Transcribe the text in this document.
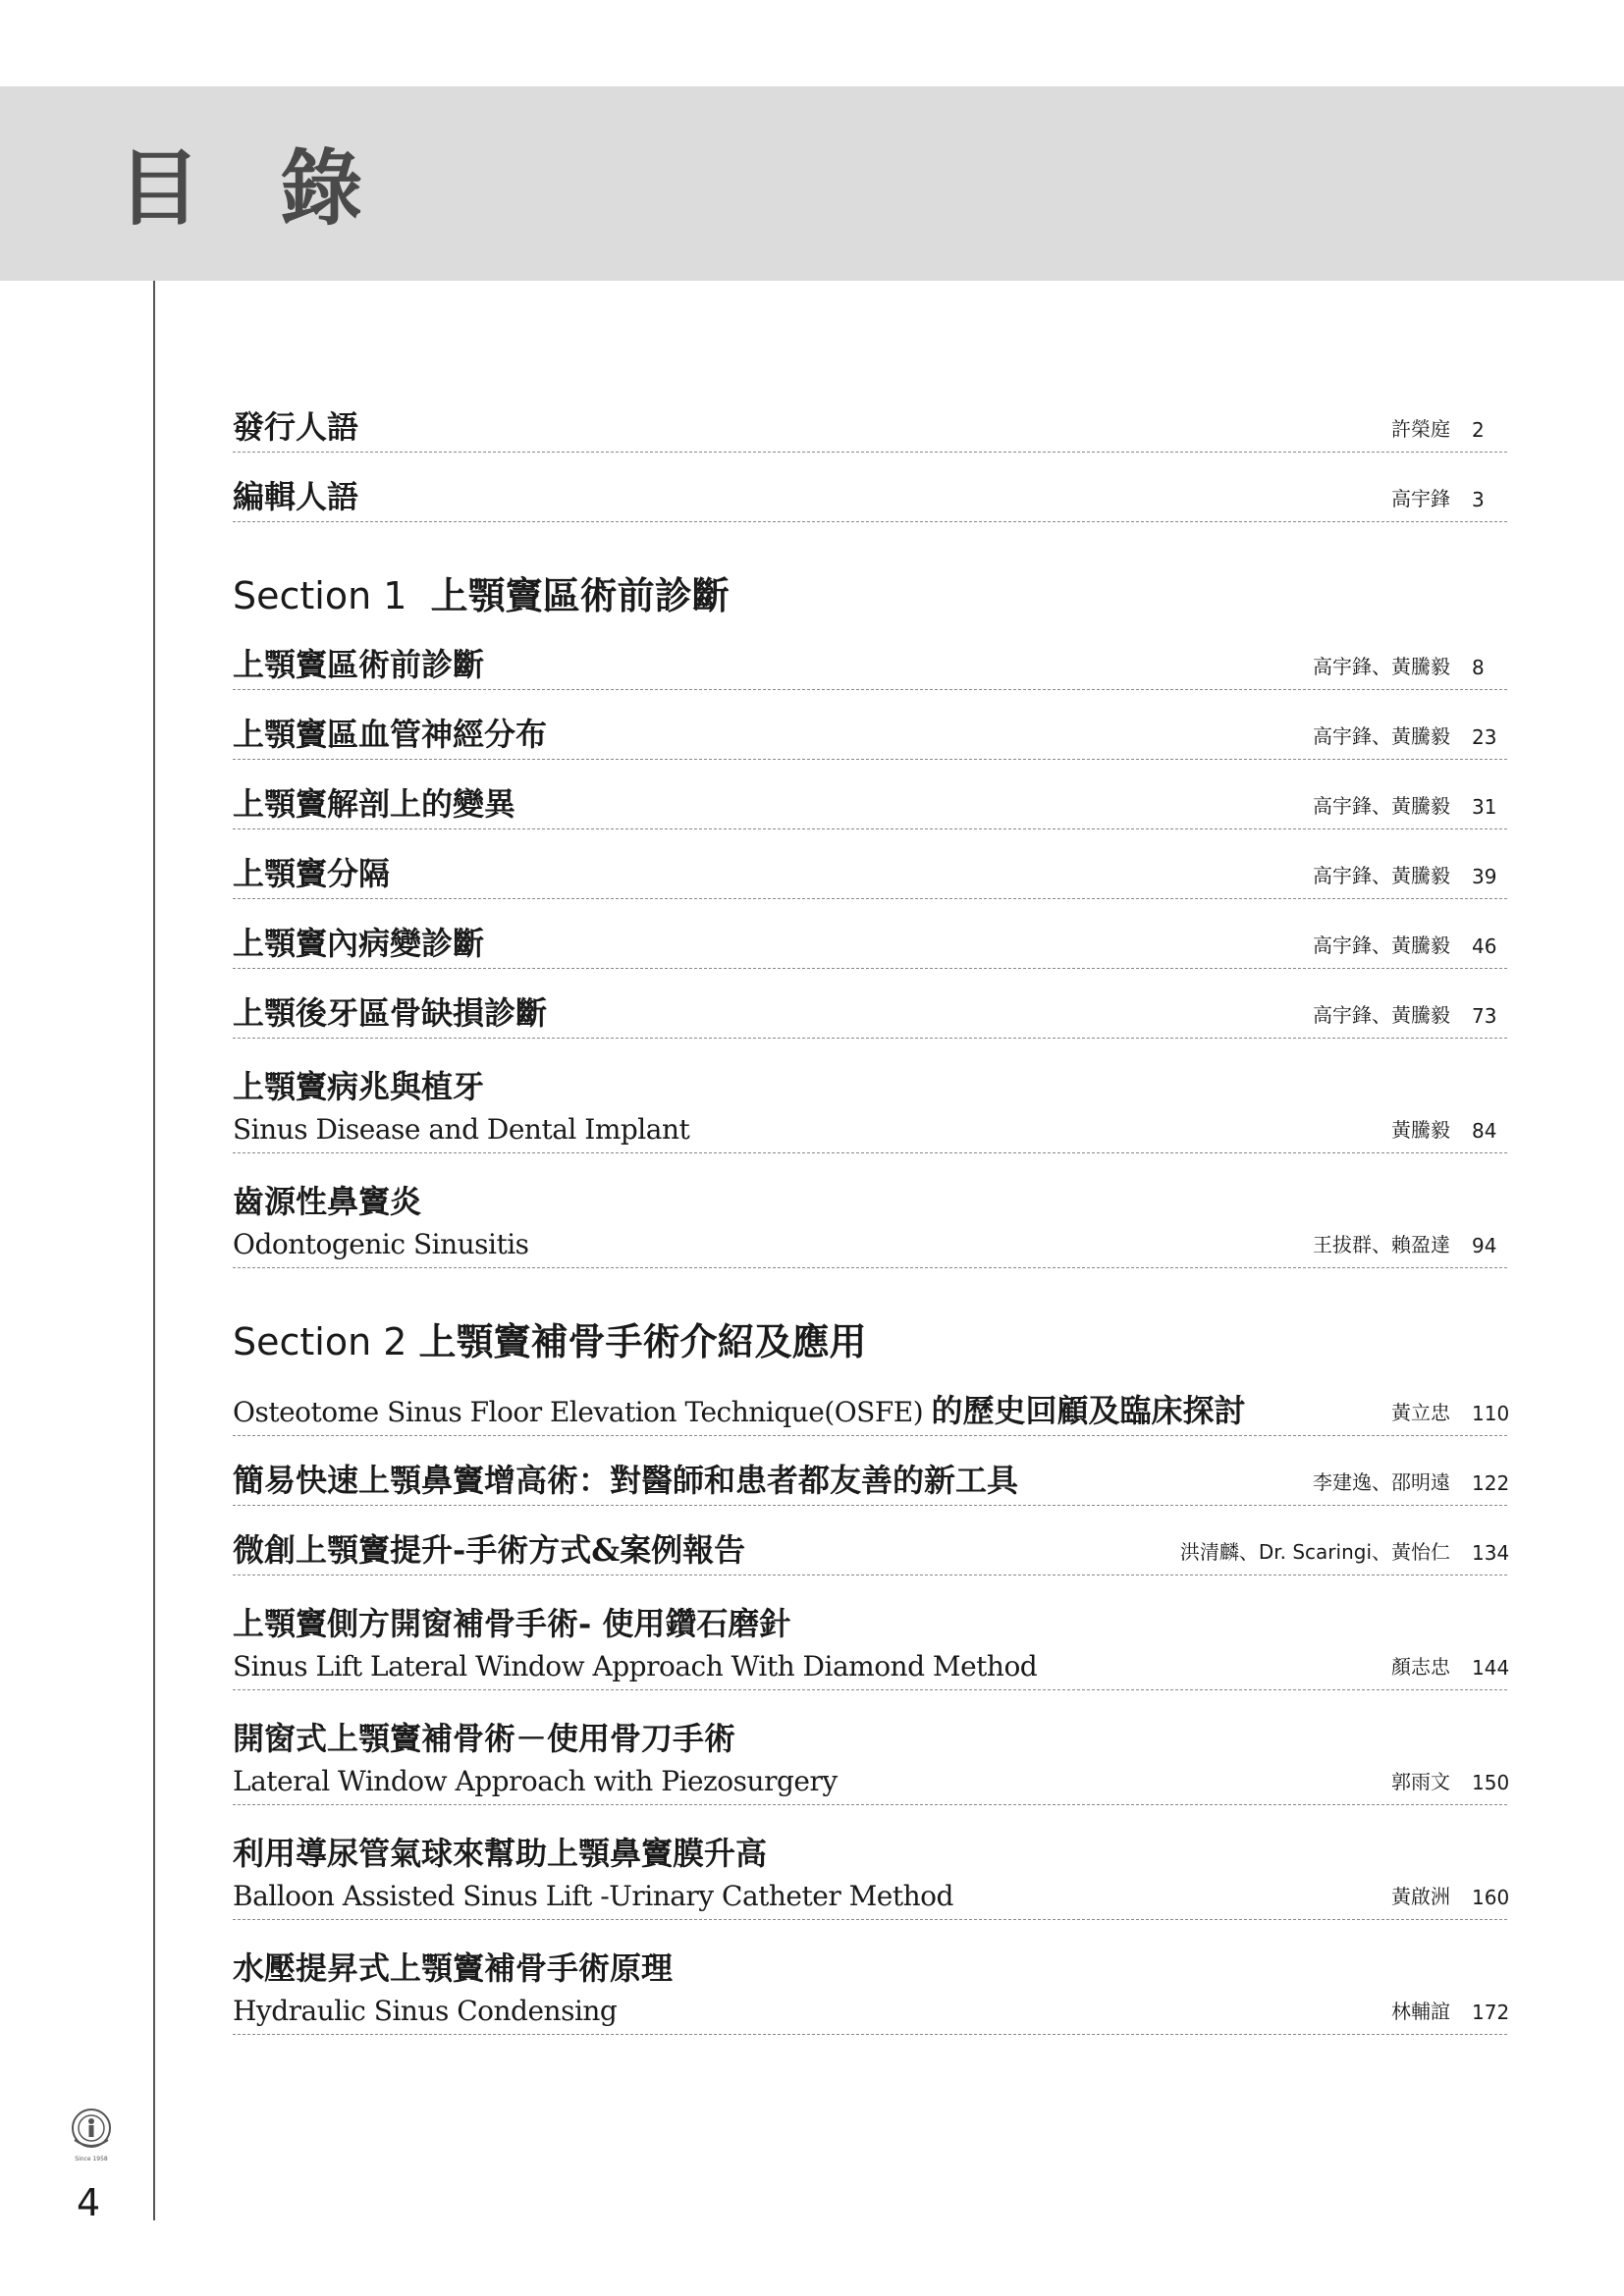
目 錄
發行人語	許榮庭	2
編輯人語	高宇鋒	3
Section 1 上顎竇區術前診斷
上顎竇區術前診斷	高宇鋒、黃騰毅	8
上顎竇區血管神經分布	高宇鋒、黃騰毅	23
上顎竇解剖上的變異	高宇鋒、黃騰毅	31
上顎竇分隔	高宇鋒、黃騰毅	39
上顎竇內病變診斷	高宇鋒、黃騰毅	46
上顎後牙區骨缺損診斷	高宇鋒、黃騰毅	73
上顎竇病兆與植牙
Sinus Disease and Dental Implant	黃騰毅	84
齒源性鼻竇炎
Odontogenic Sinusitis	王拔群、賴盈達	94
Section 2 上顎竇補骨手術介紹及應用
Osteotome Sinus Floor Elevation Technique(OSFE) 的歷史回顧及臨床探討	黃立忠	110
簡易快速上顎鼻竇增高術：對醫師和患者都友善的新工具	李建逸、邵明遠	122
微創上顎竇提升-手術方式&案例報告	洪清麟、Dr. Scaringi、黃怡仁	134
上顎竇側方開窗補骨手術- 使用鑽石磨針
Sinus Lift Lateral Window Approach With Diamond Method	顏志忠	144
開窗式上顎竇補骨術－使用骨刀手術
Lateral Window Approach with Piezosurgery	郭雨文	150
利用導尿管氣球來幫助上顎鼻竇膜升高
Balloon Assisted Sinus Lift -Urinary Catheter Method	黃啟洲	160
水壓提昇式上顎竇補骨手術原理
Hydraulic Sinus Condensing	林輔誼	172
Since 1958
4
